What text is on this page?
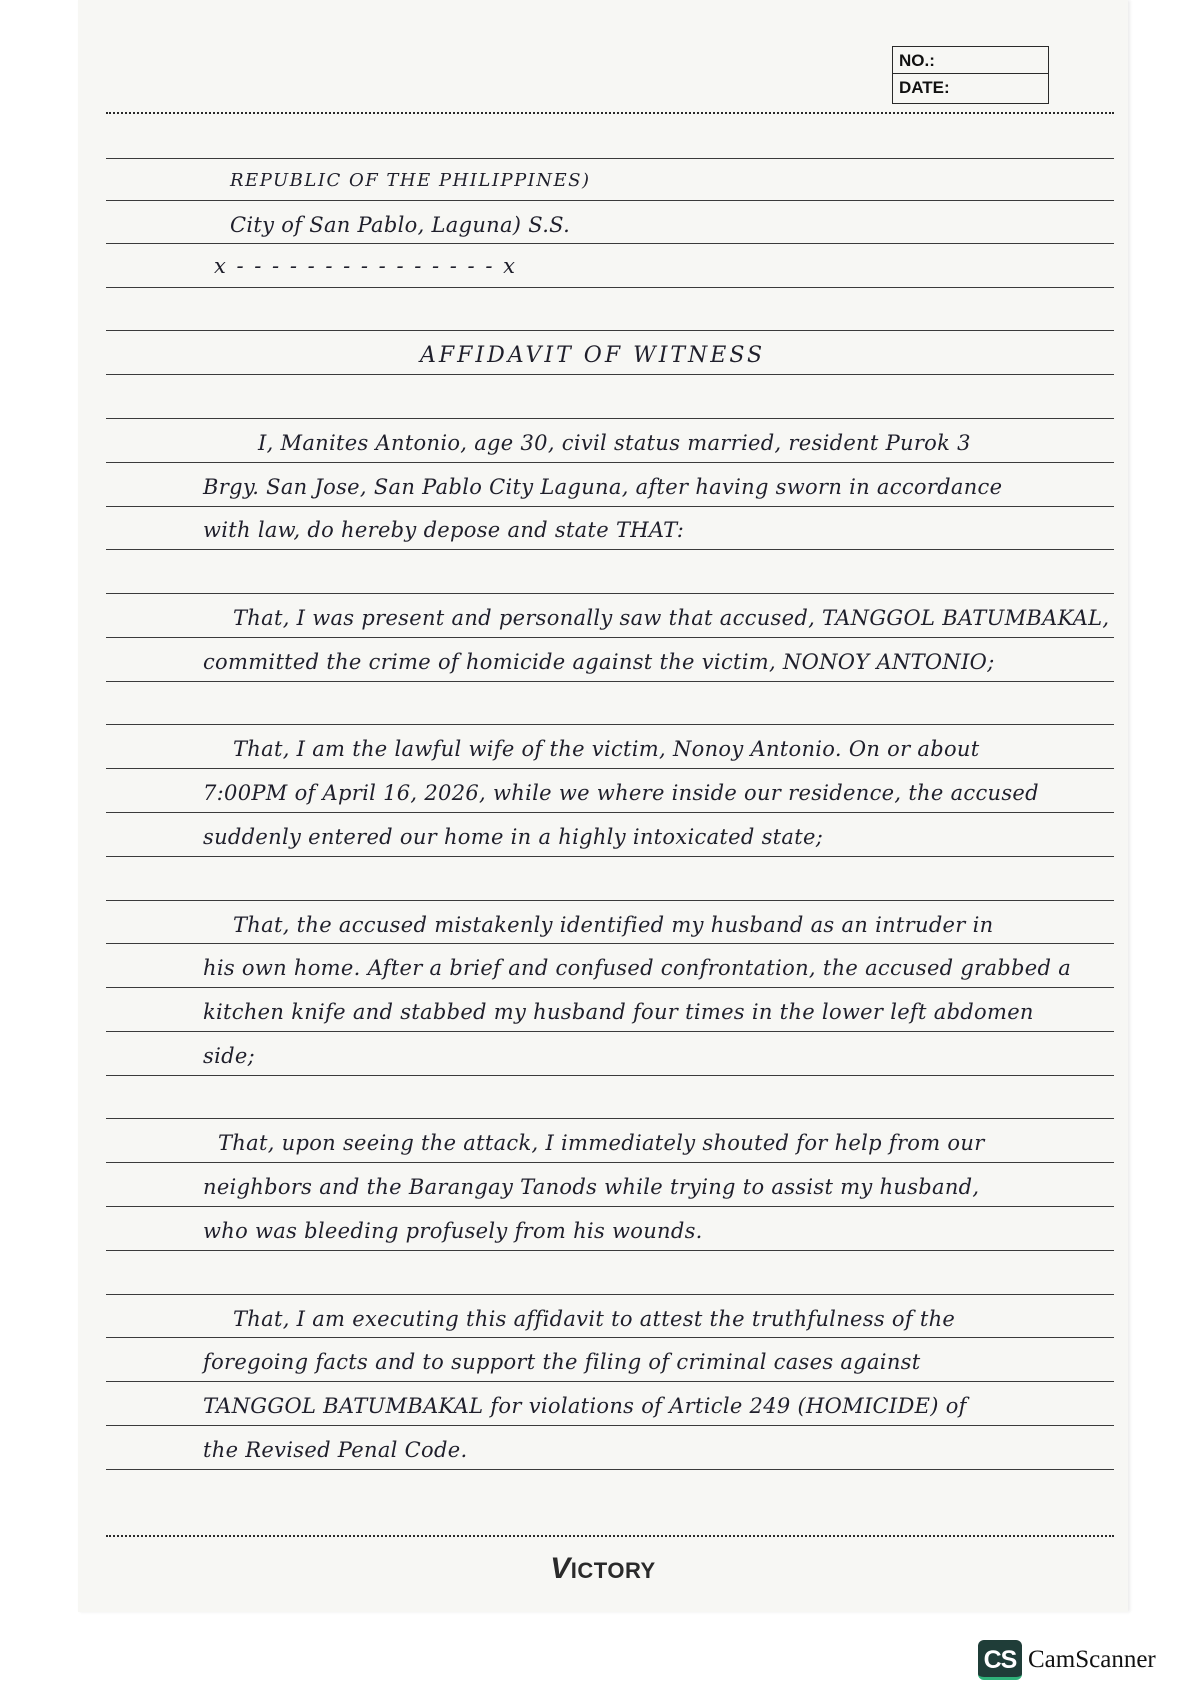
NO.:
DATE:
REPUBLIC OF THE PHILIPPINES)
City of San Pablo, Laguna) S.S.
x - - - - - - - - - - - - - - - x
AFFIDAVIT OF WITNESS
I, Manites Antonio, age 30, civil status married, resident Purok 3
Brgy. San Jose, San Pablo City Laguna, after having sworn in accordance
with law, do hereby depose and state THAT:
That, I was present and personally saw that accused, TANGGOL BATUMBAKAL,
committed the crime of homicide against the victim, NONOY ANTONIO;
That, I am the lawful wife of the victim, Nonoy Antonio. On or about
7:00PM of April 16, 2026, while we where inside our residence, the accused
suddenly entered our home in a highly intoxicated state;
That, the accused mistakenly identified my husband as an intruder in
his own home. After a brief and confused confrontation, the accused grabbed a
kitchen knife and stabbed my husband four times in the lower left abdomen
side;
That, upon seeing the attack, I immediately shouted for help from our
neighbors and the Barangay Tanods while trying to assist my husband,
who was bleeding profusely from his wounds.
That, I am executing this affidavit to attest the truthfulness of the
foregoing facts and to support the filing of criminal cases against
TANGGOL BATUMBAKAL for violations of Article 249 (HOMICIDE) of
the Revised Penal Code.
VICTORY
CS CamScanner
